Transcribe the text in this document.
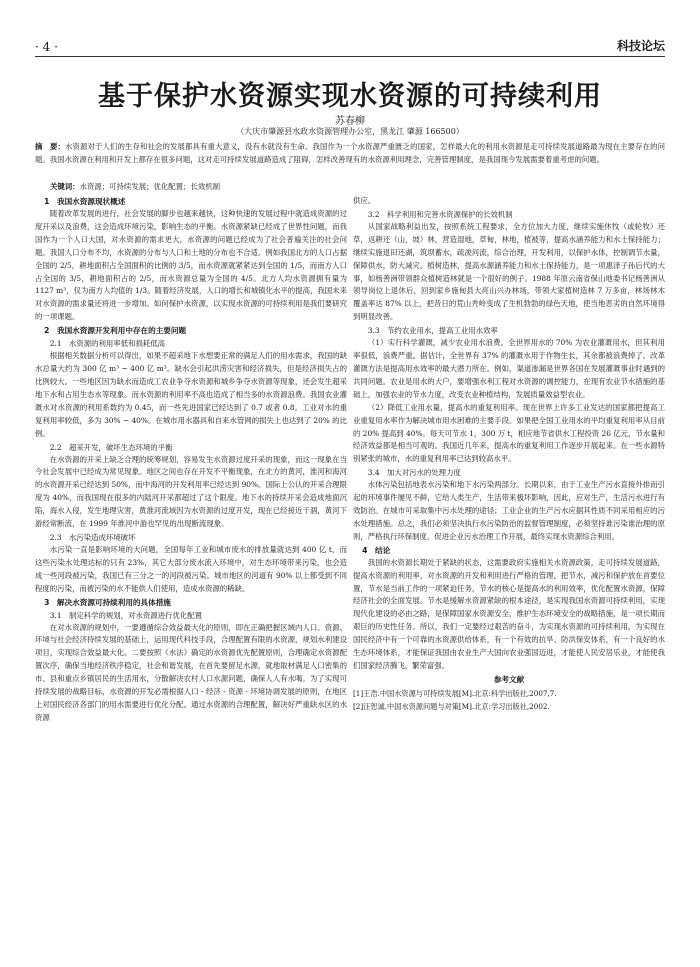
· 4 ·	科技论坛
基于保护水资源实现水资源的可持续利用
苏春柳
（大庆市肇源县水政水资源管理办公室，黑龙江 肇源 166500）
摘　要：水资源对于人们的生存和社会的发展都具有重大意义，没有水就没有生命。我国作为一个水资源严重匮乏的国家，怎样最大化的利用水资源是走可持续发展道路最为现在主要存在的问题。我国水资源在利用和开发上都存在很多问题，这对走可持续发展道路造成了阻碍，怎样改善现有的水资源利用理念，完善管理制度，是我国现今发展需要着重考虑的问题。
关键词：水资源；可持续发展；优化配置；长效机制
1　我国水资源现状概述

随着改革发展的进行，社会发展的脚步也越来越快，这种快速的发展过程中就造成资源的过度开采以及浪费，这会造成环境污染，影响生态的平衡。水资源紧缺已经成了世界性问题，而我国作为一个人口大国，对水资源的需求更大，水资源的问题已经成为了社会普遍关注的社会问题。我国人口分布不均，水资源的分布与人口和土地的分布也不合适。例如我国北方的人口占据全国的 2/5，耕地面积占全国面积的比例的 3/5，而水资源就紧紧达到全国的 1/5，而南方人口占全国的 3/5，耕地面积占的 2/5，而水资源总量为全国的 4/5。北方人均水资源拥有量为 1127 m³，仅为南方人均值的 1/3。随着经济发展，人口的增长和城镇化水平的提高，我国未来对水资源的需求量还将进一步增加。如何保护水资源，以实现水资源的可持续利用是我们要研究的一项课题。

2　我国水资源开发利用中存在的主要问题
2.1　水资源的利用率低和损耗低高

根据相关数据分析可以得出，如果不超采地下水想要正常的满足人们的用水需求，我国的缺水总量大约为 300 亿 m³ ~ 400 亿 m³。缺水会引起洪涝灾害和经济损失，但是经济损失占的比例较大。一些地区因为缺水而造成工农业争夺水资源和城乡争夺水资源等现象，还会发生超采地下水和占用生态水等现象。而水资源的利用率不高也造成了相当多的水资源浪费。我国农业灌溉水对水资源的利用系数约为 0.45，而一些先进国家已经达到了 0.7 或者 0.8。工业对水的重复利用率较低，多为 30% ~ 40%。在城市用水器具和自来水管网的损失上也达到了 20% 的比例。

2.2　超采开发，破坏生态环境的平衡

在水资源的开采上缺乏合理的统筹规划，容易发生水资源过度开采的现象，而这一现象在当今社会发展中已经成为常见现象。地区之间也存在开发不平衡现象，在北方的黄河，淮河和海河的水资源开采已经达到 50%，而中海河的开发利用率已经达到 90%。国际上公认的开采合理限度为 40%，而我国现在很多的内陆河开采都超过了这个限度。地下水的持续开采会造成地面沉陷，海水入侵，发生地理灾害，黄淮河流域因为水资源的过度开发，现在已经接近干涸，黄河下游经常断流，在 1999 年淮河中游也罕见的出现断流现象。

2.3　水污染造成环境破坏

水污染一直是影响环境的大问题，全国每年工业和城市废水的排放量就达到 400 亿 t，而这些污染水处理达标的只有 23%，其它大部分废水流入环境中，对生态环境带来污染，也会造成一些河段被污染，我国已有三分之一的河段被污染。城市地区的河道有 90% 以上都受到不同程度的污染，而被污染的水不能供人们使用，造成水资源的稀缺。

3　解决水资源可持续利用的具体措施
3.1　制定科学的规划，对水资源进行优化配置

在对水资源的规划中，一要遵循综合效益最大化的原则，即在正确把握区域内人口、资源、环境与社会经济持续发展的基础上，运用现代科技手段，合理配置有限的水资源，规划水利建设项目，实现综合效益最大化。二要按照《水法》确定的水资源优先配置原则，合理确定水资源配置次序，确保当地经济秩序稳定，社会和谐发展，在首先要留足水源，就地取材满足人口密集的市、县和重点乡镇居民的生活用水，分散解决农村人口水源问题，确保人人有水喝。为了实现可持续发展的战略目标，水资源的开发必需根据人口 - 经济 - 资源 - 环境协调发展的原则，在地区上对国民经济各部门的用水需要进行优化分配。通过水资源的合理配置，解决好严重缺水区的水资源

供应。

3.2　科学利用和完善水资源保护的长效机制

从国家战略利益出发，按照系统工程要求，全方位加大力度，继续实施休牧（或轮牧）还草，返耕还（山，坡）林，营造湿地，草甸，林地，植被等，提高水涵养能力和水土保持能力；继续实施退田还湖，筑坝蓄水，疏浚河流，综合治理，开发利用，以保护水体，控制调节水量，保障供水，防大减灾。植树造林，提高水源涵养能力和水土保持能力，是一项惠泽子孙后代的大事，如杨善洲带领群众植树造林就是一个很好的例子。1988 年原云南省保山地委书记杨善洲从领导岗位上退休后，回到家乡施甸县大亮山兴办林场，带领大家植树造林 7 万多亩，林场林木覆盖率达 87% 以上，把昔日的荒山秃岭变成了生机勃勃的绿色天地，使当地恶劣的自然环境得到明显改善。

3.3　节约农业用水，提高工业用水效率

（1）实行科学灌溉，减少农业用水浪费。全世界用水的 70% 为农业灌溉用水，但其利用率很低，浪费严重。据估计，全世界有 37% 的灌溉水用于作物生长，其余都被浪费掉了。改革灌溉方法是提高用水效率的最大潜力所在。例如，渠道渗漏是世界各国在发展灌溉事业时遇到的共同问题。农业是用水的大户，要增强水利工程对水资源的调控能力，在现有农业节水措施的基础上，加强农业的节水力度，改变农业种植结构，发展质量效益型农业。

（2）降低工业用水量，提高水的重复利用率。现在世界上许多工业发达的国家都把提高工业重复用水率作为解决城市用水困难的主要手段。如果把全国工业用水的平均重复利用率从目前的 20% 提高到 40%。每天可节水 1，300 万 t，相应地节省供水工程投资 26 亿元，节水量和经济效益都是相当可观的。我国近几年来，提高水的重复利用工作逐步开展起来。在一些水源特别紧张的城市，水的重复利用率已达到较高水平。

3.4　加大对污水的处理力度

水体污染包括地表水污染和地下水污染两部分。长期以来，由于工业生产污水直接外排而引起的环境事件屡见不鲜，它给人类生产，生活带来极坏影响，因此，应对生产，生活污水进行有效防治。在城市可采取集中污水处理的途径；工业企业的生产污水应据其性质不同采用相应的污水处理措施。总之，我们必须坚决执行水污染防治的监督管理制度，必须坚持谁污染谁治理的原则，严格执行环保制度，促进企业污水治理工作开展，最终实现水资源综合利用。

4　结论

我国的水资源长期处于紧缺的状态，这需要政府实施相关水资源政策，走可持续发展道路，提高水资源的利用率，对水资源的开发和利用进行严格的管理，把节水，减污和保护放在首要位置，节水是当前工作的一项紧迫任务，节水的核心是提高水的利用效率，优化配置水资源，保障经济社会的全面发展。节水是缓解水资源紧缺的根本途径，是实现我国水资源可持续利用，实现现代化建设的必由之路，是保障国家水资源安全，维护生态环境安全的战略措施，是一项长期而艰巨的历史性任务。所以，我们一定要经过艰苦的奋斗，为实现水资源的可持续利用，为实现在国民经济中有一个可靠的水资源供给体系，有一个有效的抗旱、防洪保安体系，有一个良好的水生态环境体系，才能保证我国由农业生产大国向农业强国迈进，才能使人民安居乐业，才能使我们国家经济腾飞，繁荣富强。

参考文献
[1]王浩.中国水资源与可持续发展[M].北京:科学出版社,2007,7.
[2]汪恕诚.中国水资源问题与对策[M].北京:学习出版社,2002.
